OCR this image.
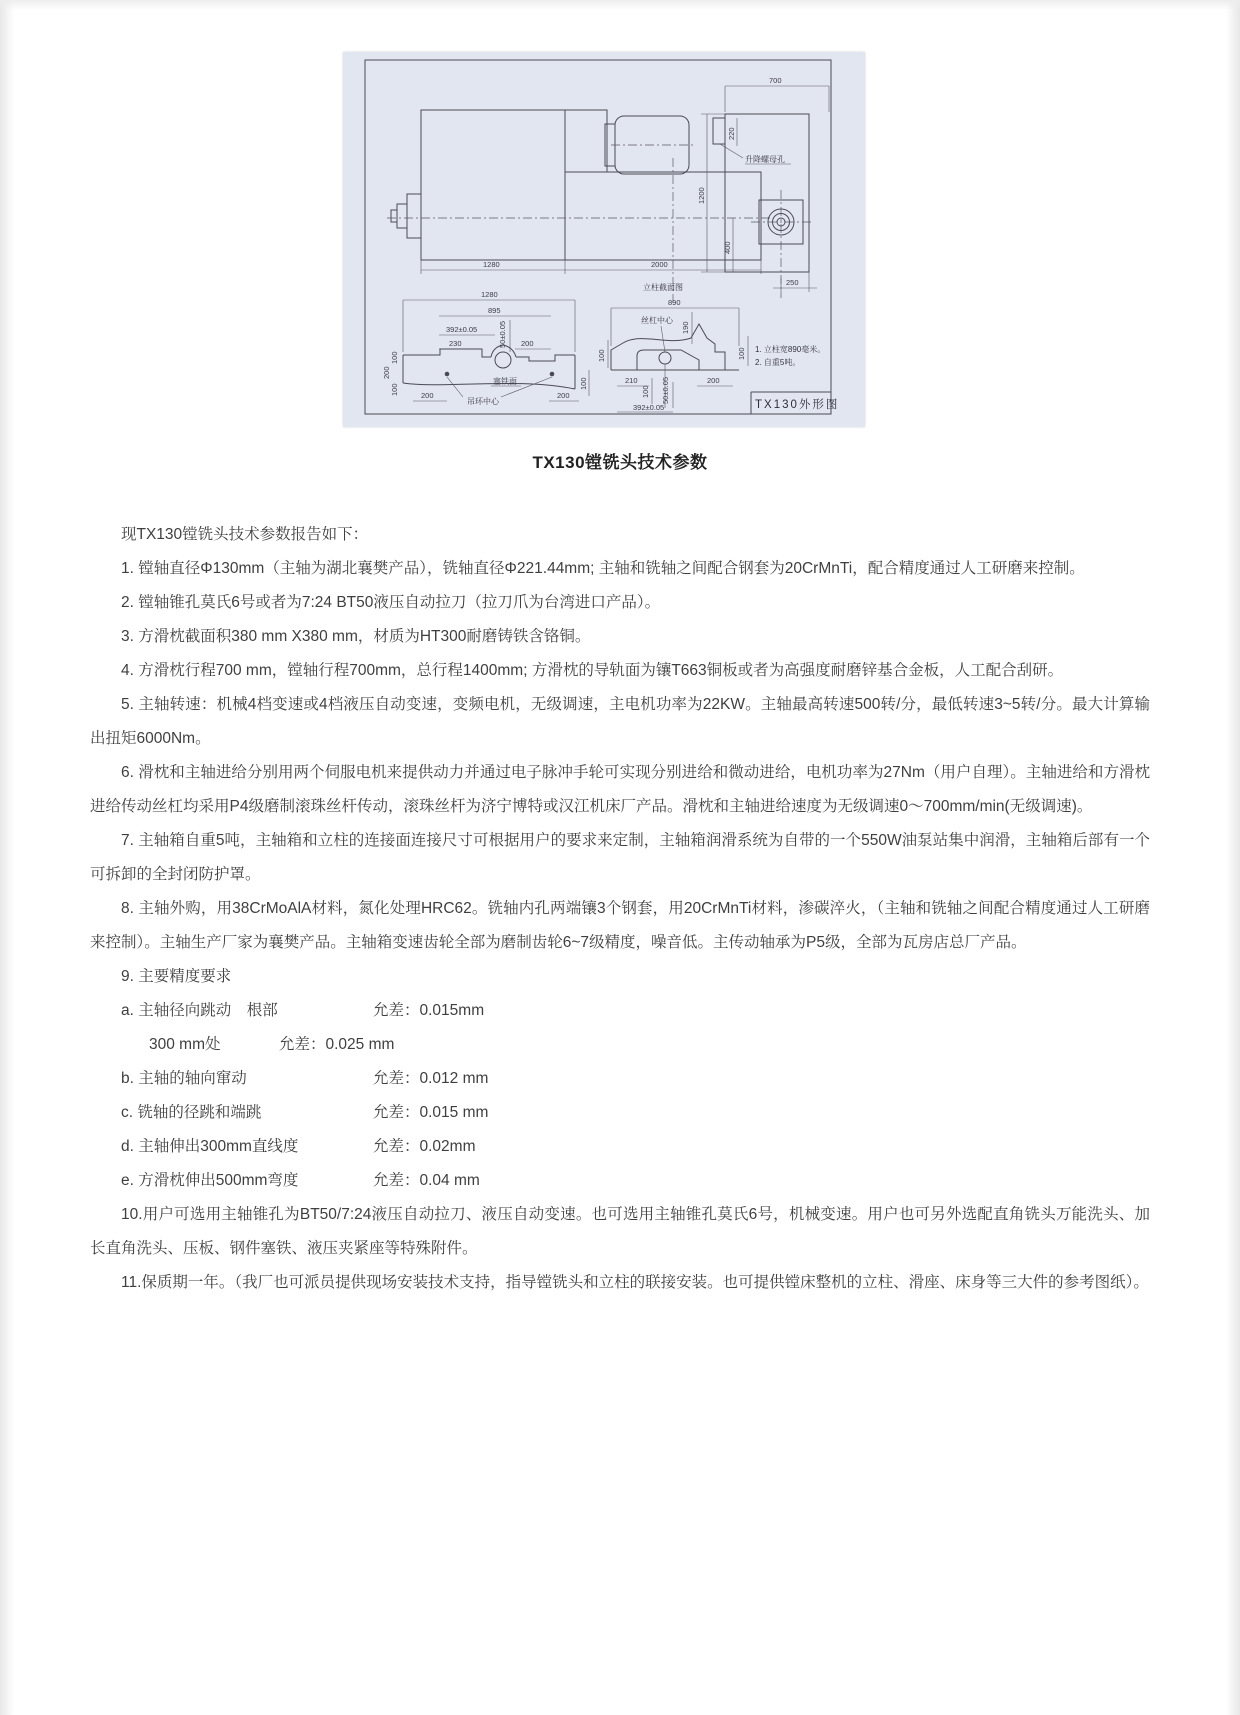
1280	2000
700
220
1200
400
250
升降螺母孔
1280
895
392±0.05
230	50±0.05 200
塞铁面
吊环中心
100
200
100	200	200
100
立柱截面图
890
丝杠中心
190
100	100
210
100 50±0.05	200
392±0.05
1. 立柱宽890毫米。
2. 自重5吨。
TX130外形图
TX130镗铣头技术参数

现TX130镗铣头技术参数报告如下：

1. 镗轴直径Φ130mm（主轴为湖北襄樊产品），铣轴直径Φ221.44mm; 主轴和铣轴之间配合钢套为20CrMnTi，配合精度通过人工研磨来控制。

2. 镗轴锥孔莫氏6号或者为7:24 BT50液压自动拉刀（拉刀爪为台湾进口产品）。

3. 方滑枕截面积380 mm X380 mm，材质为HT300耐磨铸铁含铬铜。

4. 方滑枕行程700 mm，镗轴行程700mm，总行程1400mm; 方滑枕的导轨面为镶T663铜板或者为高强度耐磨锌基合金板，人工配合刮研。

5. 主轴转速：机械4档变速或4档液压自动变速，变频电机，无级调速，主电机功率为22KW。主轴最高转速500转/分，最低转速3~5转/分。最大计算输出扭矩6000Nm。

6. 滑枕和主轴进给分别用两个伺服电机来提供动力并通过电子脉冲手轮可实现分别进给和微动进给，电机功率为27Nm（用户自理）。主轴进给和方滑枕进给传动丝杠均采用P4级磨制滚珠丝杆传动，滚珠丝杆为济宁博特或汉江机床厂产品。滑枕和主轴进给速度为无级调速0～700mm/min(无级调速)。

7. 主轴箱自重5吨，主轴箱和立柱的连接面连接尺寸可根据用户的要求来定制，主轴箱润滑系统为自带的一个550W油泵站集中润滑，主轴箱后部有一个可拆卸的全封闭防护罩。

8. 主轴外购，用38CrMoAlA材料，氮化处理HRC62。铣轴内孔两端镶3个钢套，用20CrMnTi材料，渗碳淬火，（主轴和铣轴之间配合精度通过人工研磨来控制）。主轴生产厂家为襄樊产品。主轴箱变速齿轮全部为磨制齿轮6~7级精度，噪音低。主传动轴承为P5级，全部为瓦房店总厂产品。

9. 主要精度要求

a. 主轴径向跳动　根部	允差：0.015mm
300 mm处	允差：0.025 mm
b. 主轴的轴向窜动	允差：0.012 mm
c. 铣轴的径跳和端跳	允差：0.015 mm
d. 主轴伸出300mm直线度	允差：0.02mm
e. 方滑枕伸出500mm弯度	允差：0.04 mm

10.用户可选用主轴锥孔为BT50/7:24液压自动拉刀、液压自动变速。也可选用主轴锥孔莫氏6号，机械变速。用户也可另外选配直角铣头万能洗头、加长直角洗头、压板、钢件塞铁、液压夹紧座等特殊附件。

11.保质期一年。（我厂也可派员提供现场安装技术支持，指导镗铣头和立柱的联接安装。也可提供镗床整机的立柱、滑座、床身等三大件的参考图纸）。
